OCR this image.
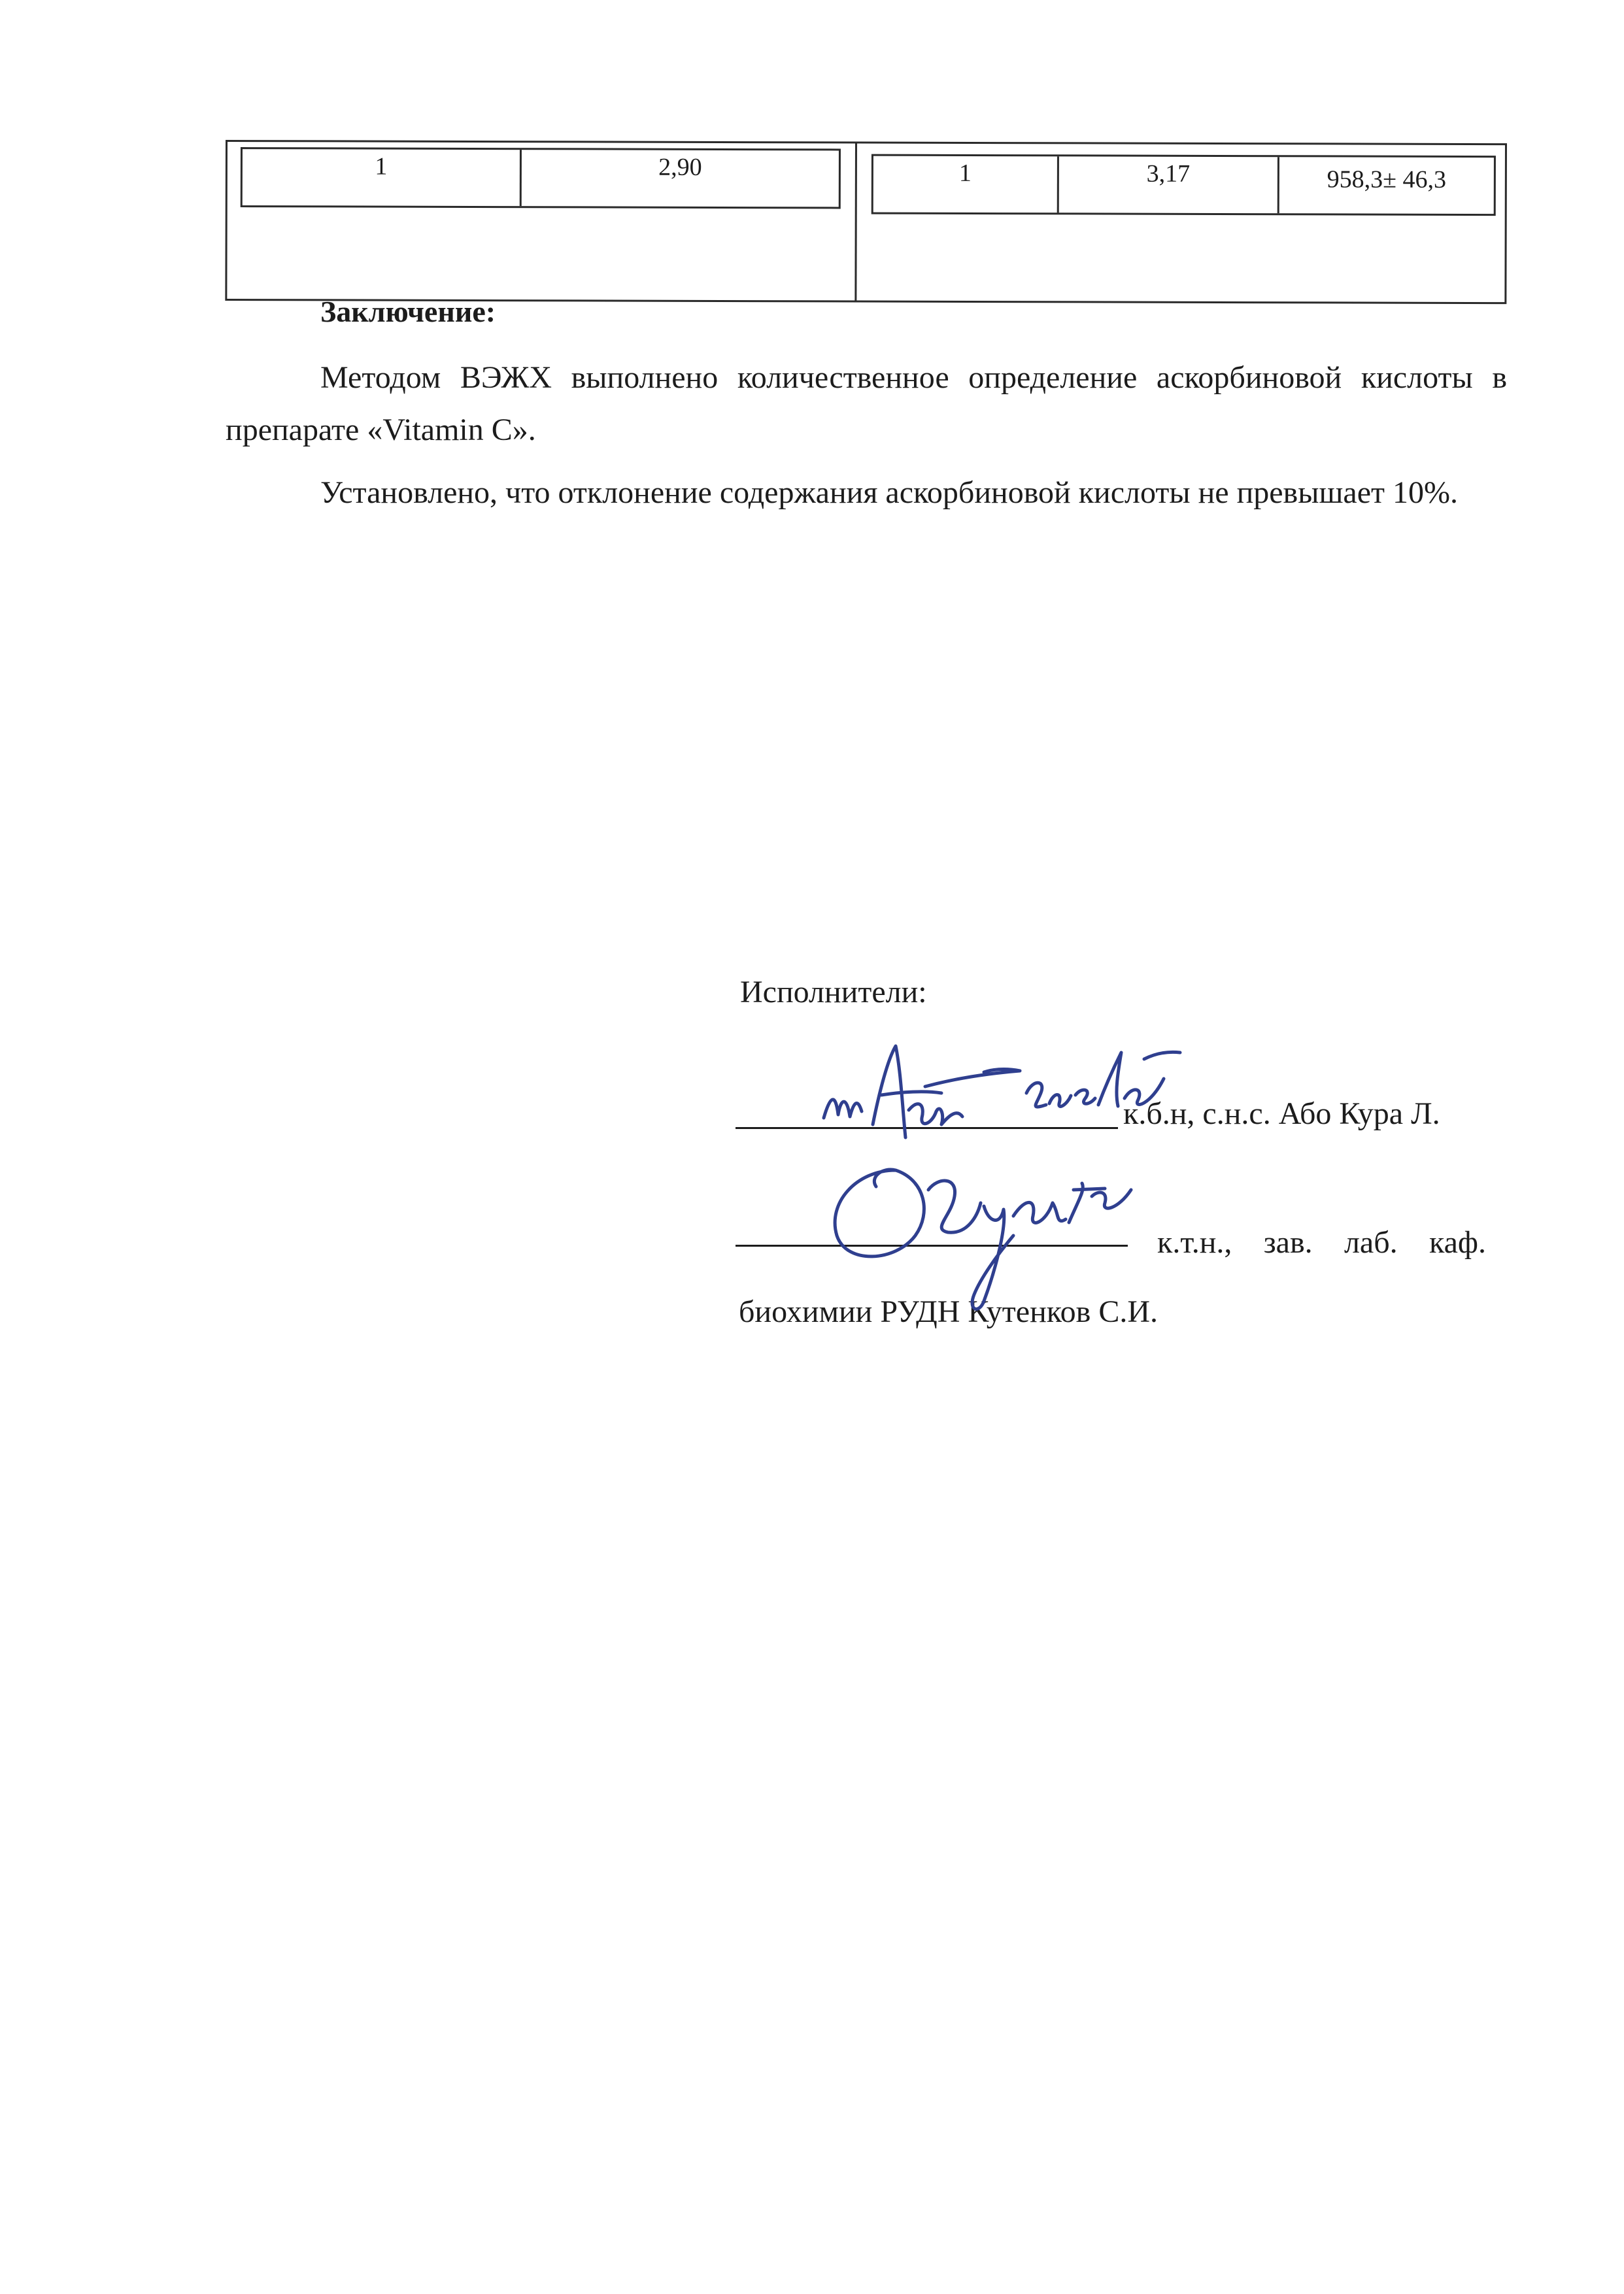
1	2,90	1	3,17	958,3± 46,3

Заключение:

Методом ВЭЖХ выполнено количественное определение аскорбиновой кислоты в препарате «Vitamin C».

Установлено, что отклонение содержания аскорбиновой кислоты не превышает 10%.

Исполнители:

к.б.н, с.н.с. Або Кура Л.

к.т.н., зав. лаб. каф. биохимии РУДН Кутенков С.И.
